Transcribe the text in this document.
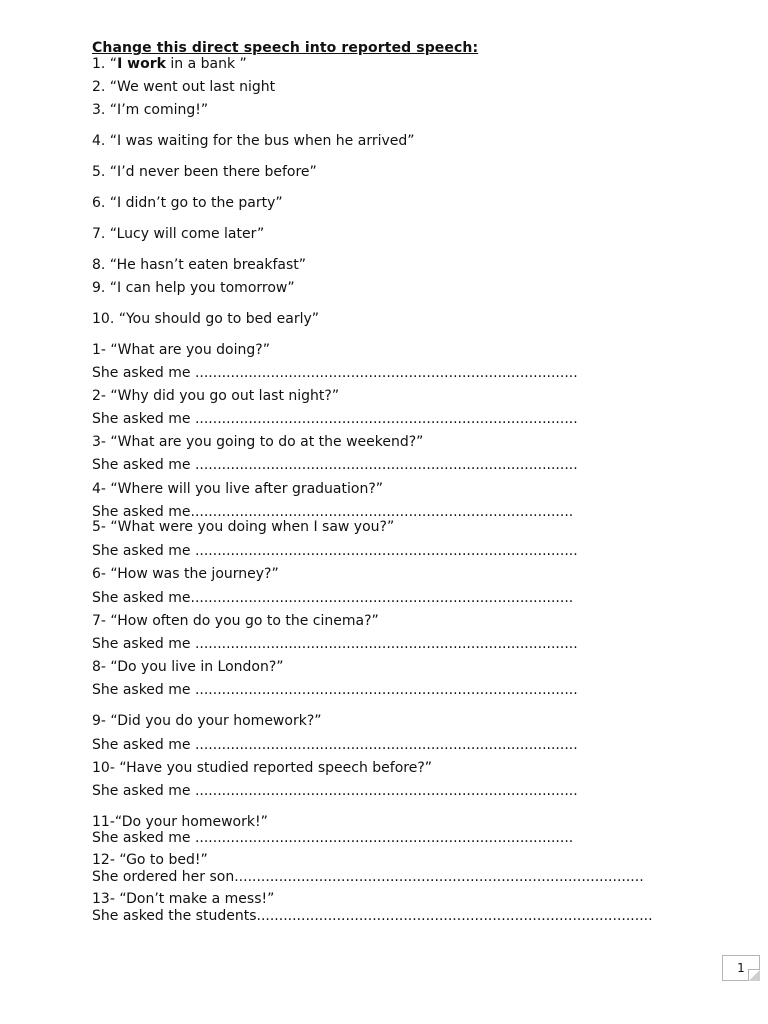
Change this direct speech into reported speech:
1. “I work in a bank ”
2. “We went out last night
3. “I’m coming!”
4. “I was waiting for the bus when he arrived”
5. “I’d never been there before”
6. “I didn’t go to the party”
7. “Lucy will come later”
8. “He hasn’t eaten breakfast”
9. “I can help you tomorrow”
10. “You should go to bed early”
1- “What are you doing?”
She asked me ......................................................................................
2- “Why did you go out last night?”
She asked me ......................................................................................
3- “What are you going to do at the weekend?”
She asked me ......................................................................................
4- “Where will you live after graduation?”
She asked me......................................................................................
5- “What were you doing when I saw you?”
She asked me ......................................................................................
6- “How was the journey?”
She asked me......................................................................................
7- “How often do you go to the cinema?”
She asked me ......................................................................................
8- “Do you live in London?”
She asked me ......................................................................................
9- “Did you do your homework?”
She asked me ......................................................................................
10- “Have you studied reported speech before?”
She asked me ......................................................................................
11-“Do your homework!”
She asked me .....................................................................................
12- “Go to bed!”
She ordered her son............................................................................................
13- “Don’t make a mess!”
She asked the students.........................................................................................
1
